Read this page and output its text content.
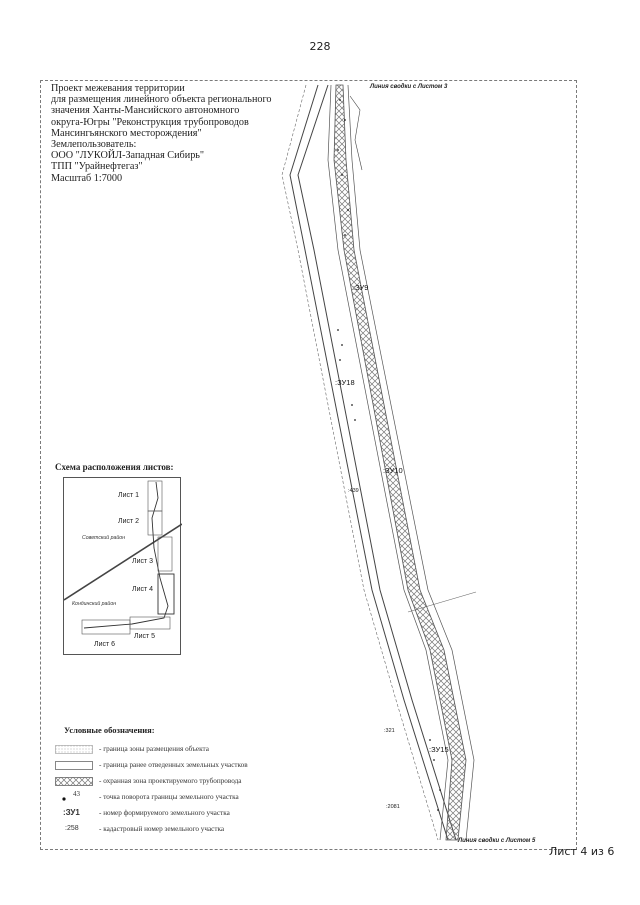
228
Линия сводки с Листом 3
Линия сводки с Листом 5
:ЗУ9
:ЗУ18
:ЗУ10
:ЗУ15
:439
:321
:2081
Проект межевания территории
для размещения линейного объекта регионального
значения Ханты-Мансийского автономного
округа-Югры "Реконструкция трубопроводов
Мансингьянского месторождения"
Землепользователь:
ООО "ЛУКОЙЛ-Западная Сибирь"
ТПП "Урайнефтегаз"
Масштаб 1:7000
Схема расположения листов:
Лист 1
Лист 2
Лист 3
Лист 4
Лист 5
Лист 6
Советский район
Кондинский район
Условные обозначения:
- граница зоны размещения объекта
- граница ранее отведенных земельных участков
- охранная зона проектируемого трубопровода
43	- точка поворота границы земельного участка
:ЗУ1	- номер формируемого земельного участка
:258	- кадастровый номер земельного участка
Лист 4 из 6
